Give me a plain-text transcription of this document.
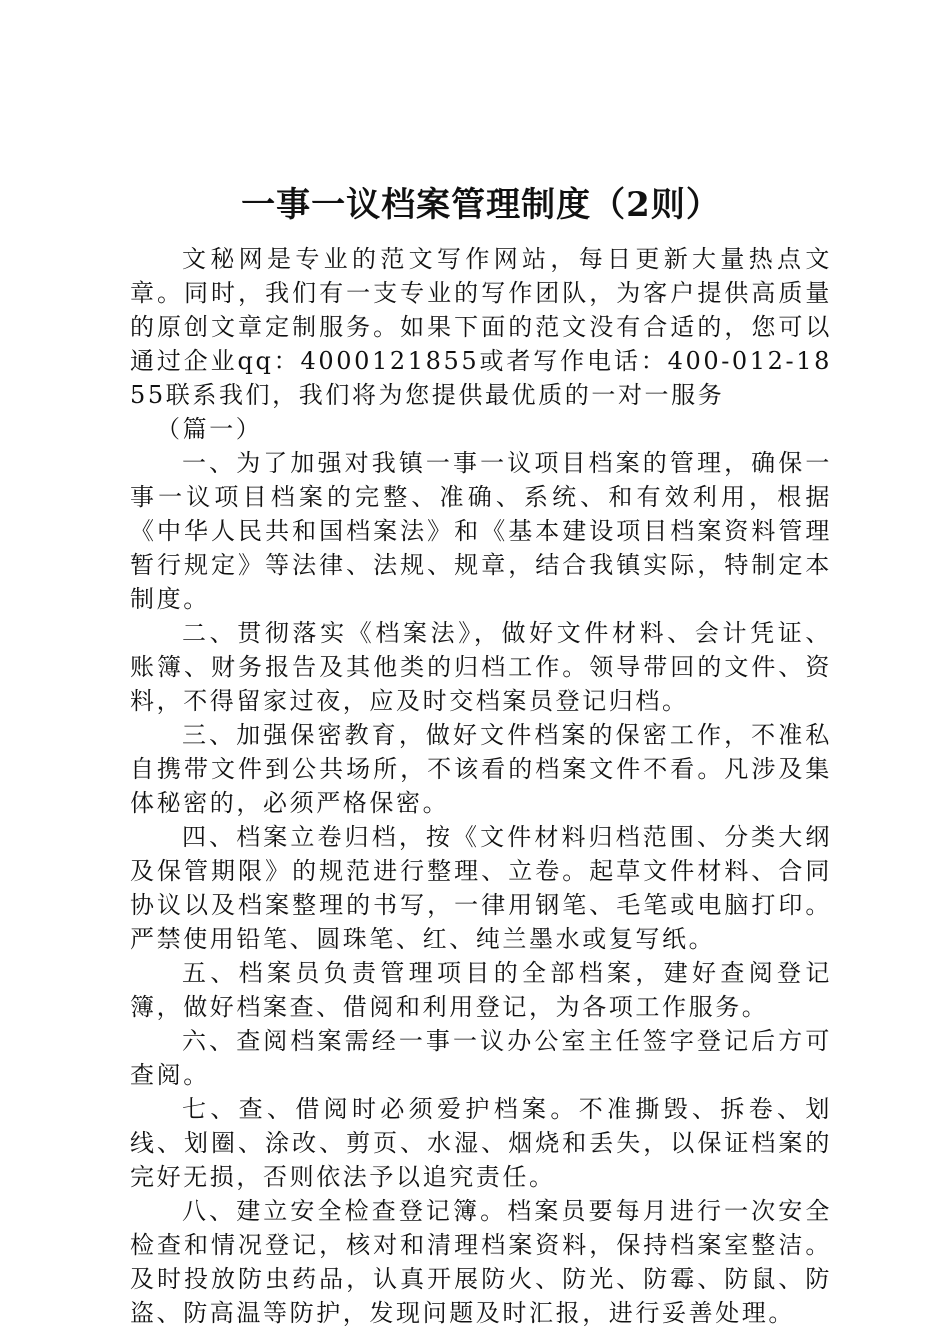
一事一议档案管理制度（2则）

文秘网是专业的范文写作网站，每日更新大量热点文章。同时，我们有一支专业的写作团队，为客户提供高质量的原创文章定制服务。如果下面的范文没有合适的，您可以通过企业qq：4000121855或者写作电话：400-012-1855联系我们，我们将为您提供最优质的一对一服务

（篇一）

一、为了加强对我镇一事一议项目档案的管理，确保一事一议项目档案的完整、准确、系统、和有效利用，根据《中华人民共和国档案法》和《基本建设项目档案资料管理暂行规定》等法律、法规、规章，结合我镇实际，特制定本制度。

二、贯彻落实《档案法》，做好文件材料、会计凭证、账簿、财务报告及其他类的归档工作。领导带回的文件、资料，不得留家过夜，应及时交档案员登记归档。

三、加强保密教育，做好文件档案的保密工作，不准私自携带文件到公共场所，不该看的档案文件不看。凡涉及集体秘密的，必须严格保密。

四、档案立卷归档，按《文件材料归档范围、分类大纲及保管期限》的规范进行整理、立卷。起草文件材料、合同协议以及档案整理的书写，一律用钢笔、毛笔或电脑打印。严禁使用铅笔、圆珠笔、红、纯兰墨水或复写纸。

五、档案员负责管理项目的全部档案，建好查阅登记簿，做好档案查、借阅和利用登记，为各项工作服务。

六、查阅档案需经一事一议办公室主任签字登记后方可查阅。

七、查、借阅时必须爱护档案。不准撕毁、拆卷、划线、划圈、涂改、剪页、水湿、烟烧和丢失，以保证档案的完好无损，否则依法予以追究责任。

八、建立安全检查登记簿。档案员要每月进行一次安全检查和情况登记，核对和清理档案资料，保持档案室整洁。及时投放防虫药品，认真开展防火、防光、防霉、防鼠、防盗、防高温等防护，发现问题及时汇报，进行妥善处理。
